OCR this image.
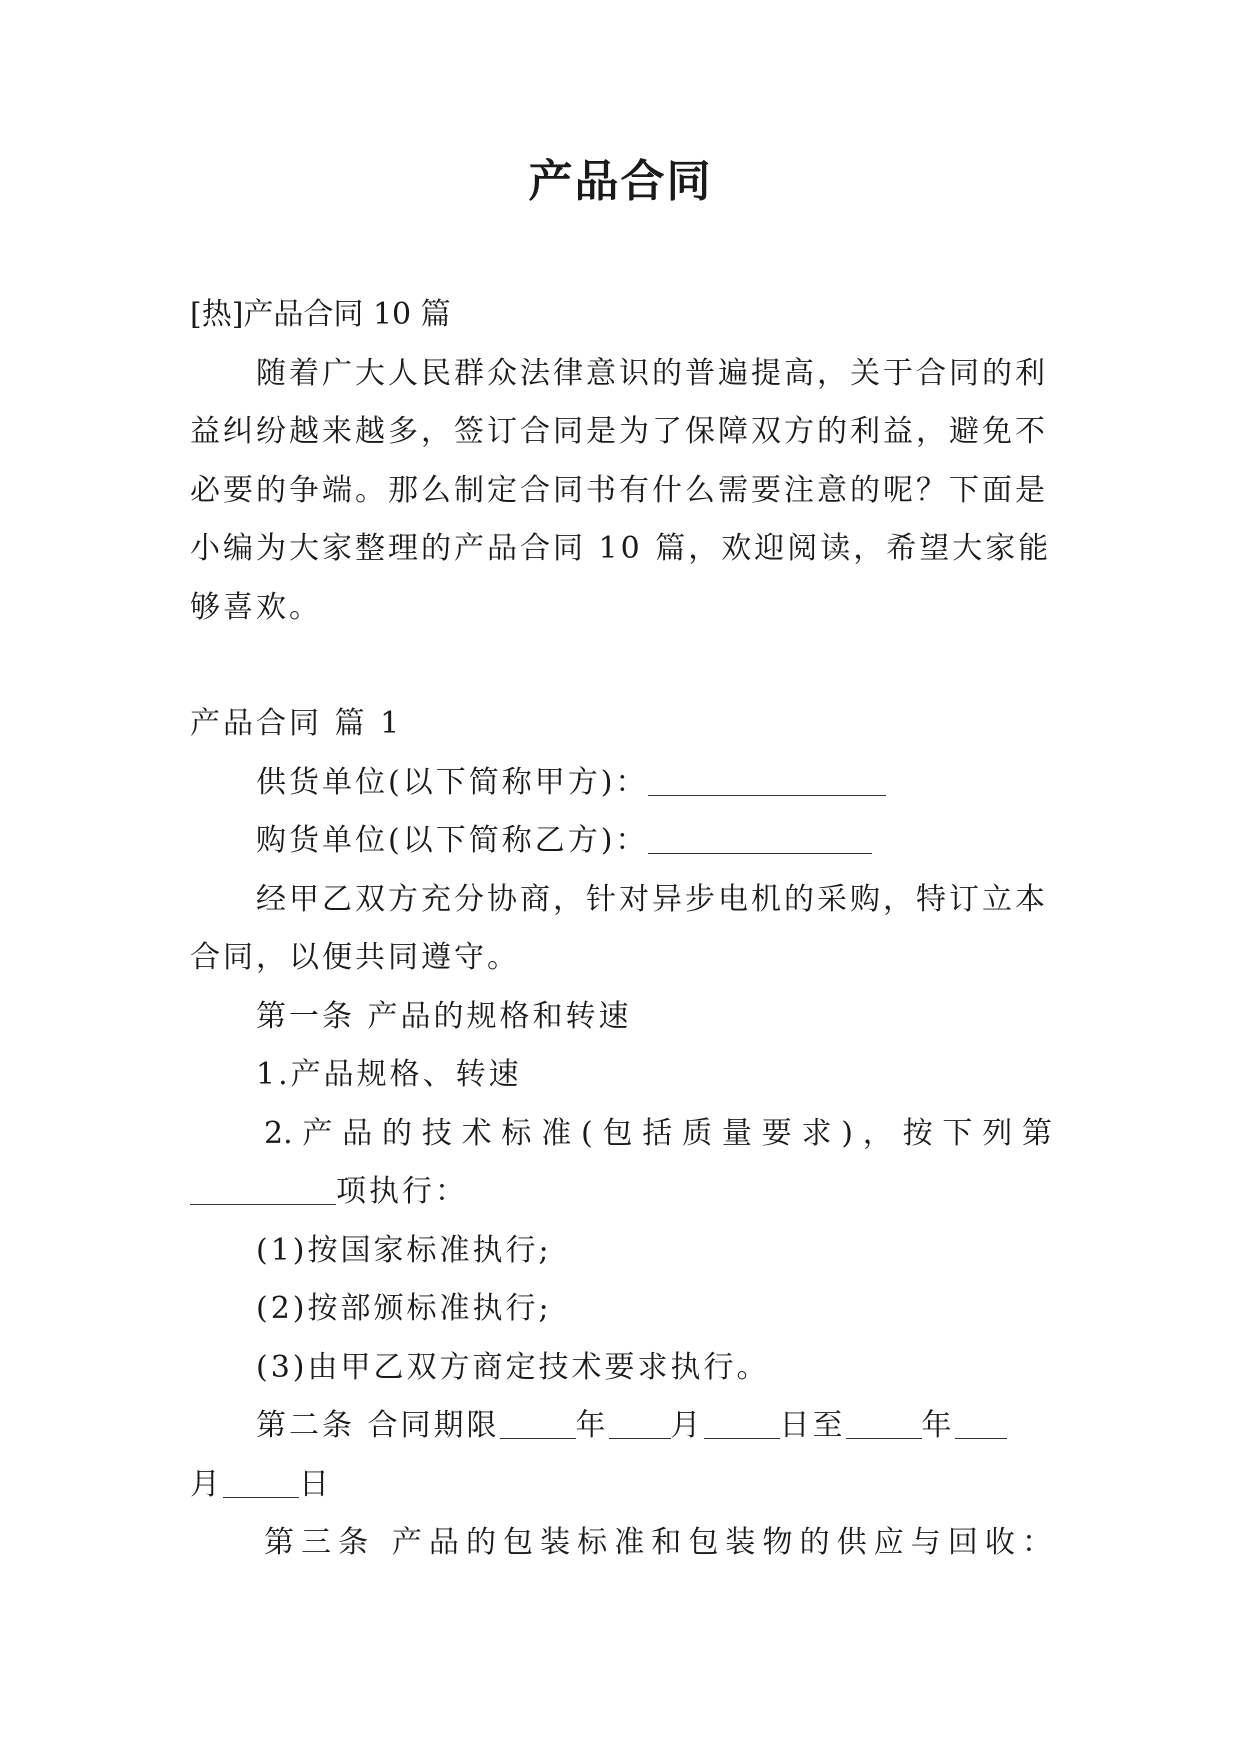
产品合同

[热]产品合同 10 篇

随着广大人民群众法律意识的普遍提高，关于合同的利

益纠纷越来越多，签订合同是为了保障双方的利益，避免不

必要的争端。那么制定合同书有什么需要注意的呢？下面是

小编为大家整理的产品合同 10 篇，欢迎阅读，希望大家能

够喜欢。

产品合同 篇 1

供货单位(以下简称甲方)：

购货单位(以下简称乙方)：

经甲乙双方充分协商，针对异步电机的采购，特订立本

合同，以便共同遵守。

第一条 产品的规格和转速

1.产品规格、转速

2.产品的技术标准(包括质量要求)，按下列第

项执行：

(1)按国家标准执行;

(2)按部颁标准执行;

(3)由甲乙双方商定技术要求执行。

第二条 合同期限	年 月	日至	年

月	日

第三条 产品的包装标准和包装物的供应与回收：
